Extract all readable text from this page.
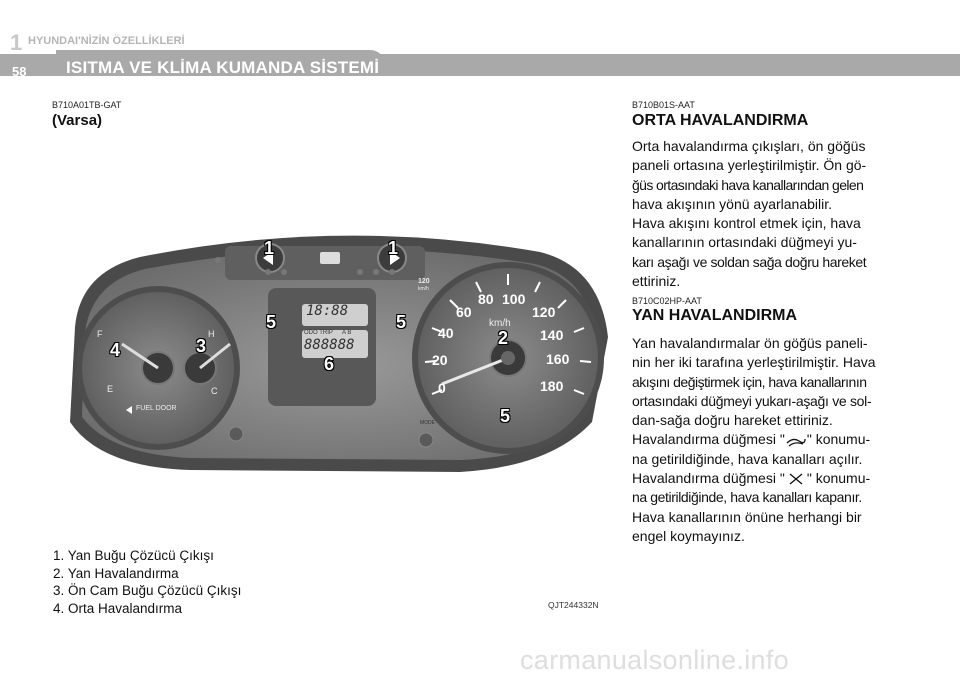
1 HYUNDAI'NİZİN ÖZELLİKLERİ
58 ISITMA VE KLİMA KUMANDA SİSTEMİ
B710A01TB-GAT
(Varsa)
F
E
H
C
FUEL DOOR
18:88
ODO TRIP A B
888888
120
km/h
km/h
MODE
0
20
40
60
80 100
120
140
160
180
1	1
2
3
4
5	5
5
6
1. Yan Buğu Çözücü Çıkışı
2. Yan Havalandırma
3. Ön Cam Buğu Çözücü Çıkışı
4. Orta Havalandırma	QJT244332N
B710B01S-AAT
ORTA HAVALANDIRMA
Orta havalandırma çıkışları, ön göğüs
paneli ortasına yerleştirilmiştir. Ön gö-
ğüs ortasındaki hava kanallarından gelen
hava akışının yönü ayarlanabilir.
Hava akışını kontrol etmek için, hava
kanallarının ortasındaki düğmeyi yu-
karı aşağı ve soldan sağa doğru hareket
ettiriniz.
B710C02HP-AAT
YAN HAVALANDIRMA
Yan havalandırmalar ön göğüs paneli-
nin her iki tarafına yerleştirilmiştir. Hava
akışını değiştirmek için, hava kanallarının
ortasındaki düğmeyi yukarı-aşağı ve sol-
dan-sağa doğru hareket ettiriniz.
Havalandırma düğmesi " " konumu-
na getirildiğinde, hava kanalları açılır.
Havalandırma düğmesi " " konumu-
na getirildiğinde, hava kanalları kapanır.
Hava kanallarının önüne herhangi bir
engel koymayınız.
carmanualsonline.info
